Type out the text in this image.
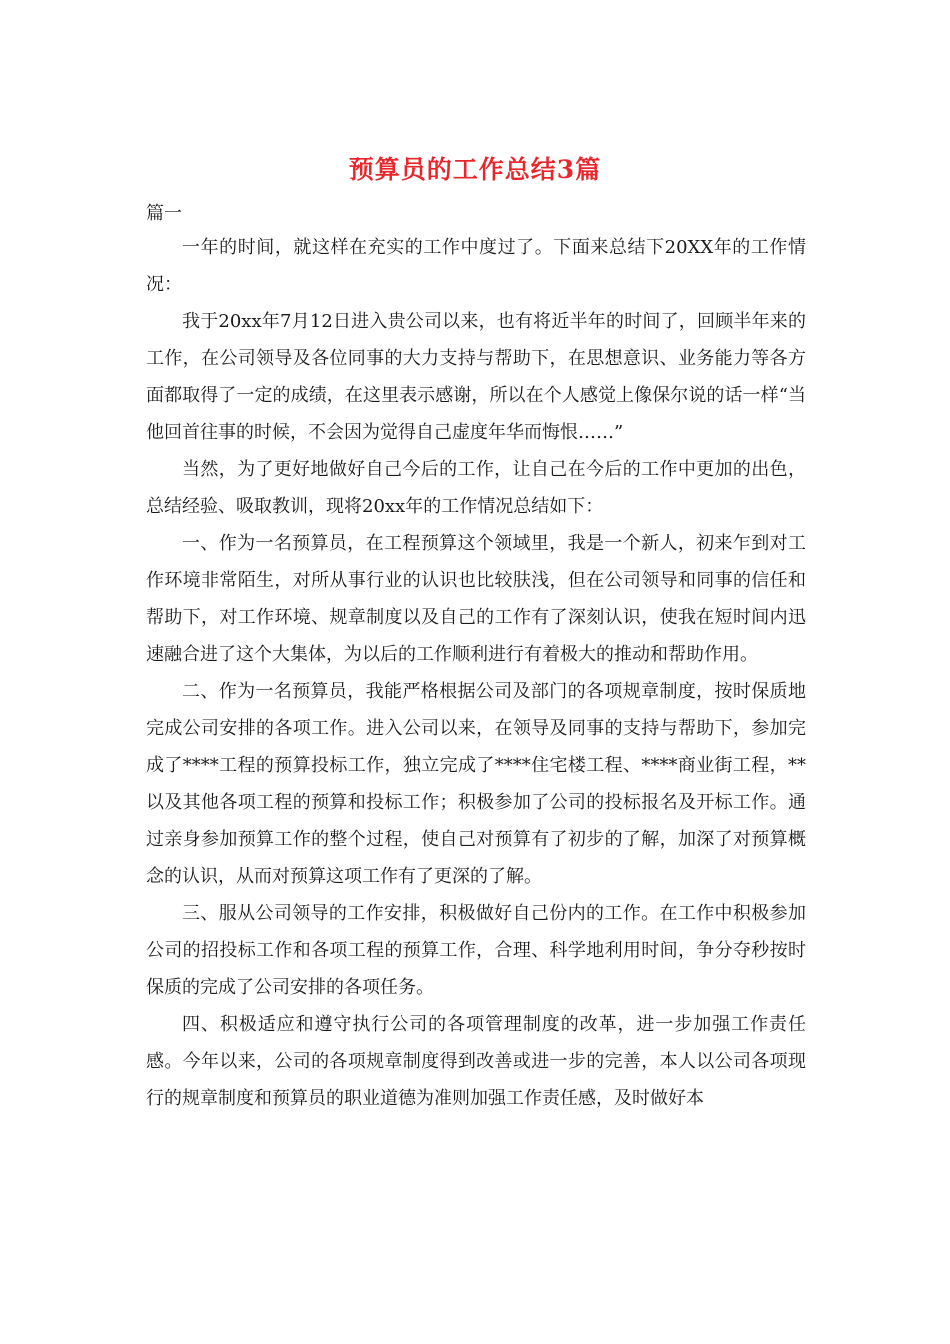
预算员的工作总结3篇
篇一

一年的时间，就这样在充实的工作中度过了。下面来总结下20XX年的工作情况：

我于20xx年7月12日进入贵公司以来，也有将近半年的时间了，回顾半年来的工作，在公司领导及各位同事的大力支持与帮助下，在思想意识、业务能力等各方面都取得了一定的成绩，在这里表示感谢，所以在个人感觉上像保尔说的话一样“当他回首往事的时候，不会因为觉得自己虚度年华而悔恨……”

当然，为了更好地做好自己今后的工作，让自己在今后的工作中更加的出色，总结经验、吸取教训，现将20xx年的工作情况总结如下：

一、作为一名预算员，在工程预算这个领域里，我是一个新人，初来乍到对工作环境非常陌生，对所从事行业的认识也比较肤浅，但在公司领导和同事的信任和帮助下，对工作环境、规章制度以及自己的工作有了深刻认识，使我在短时间内迅速融合进了这个大集体，为以后的工作顺利进行有着极大的推动和帮助作用。

二、作为一名预算员，我能严格根据公司及部门的各项规章制度，按时保质地完成公司安排的各项工作。进入公司以来，在领导及同事的支持与帮助下，参加完成了****工程的预算投标工作，独立完成了****住宅楼工程、****商业街工程，**以及其他各项工程的预算和投标工作；积极参加了公司的投标报名及开标工作。通过亲身参加预算工作的整个过程，使自己对预算有了初步的了解，加深了对预算概念的认识，从而对预算这项工作有了更深的了解。

三、服从公司领导的工作安排，积极做好自己份内的工作。在工作中积极参加公司的招投标工作和各项工程的预算工作，合理、科学地利用时间，争分夺秒按时保质的完成了公司安排的各项任务。

四、积极适应和遵守执行公司的各项管理制度的改革，进一步加强工作责任感。今年以来，公司的各项规章制度得到改善或进一步的完善，本人以公司各项现行的规章制度和预算员的职业道德为准则加强工作责任感，及时做好本
